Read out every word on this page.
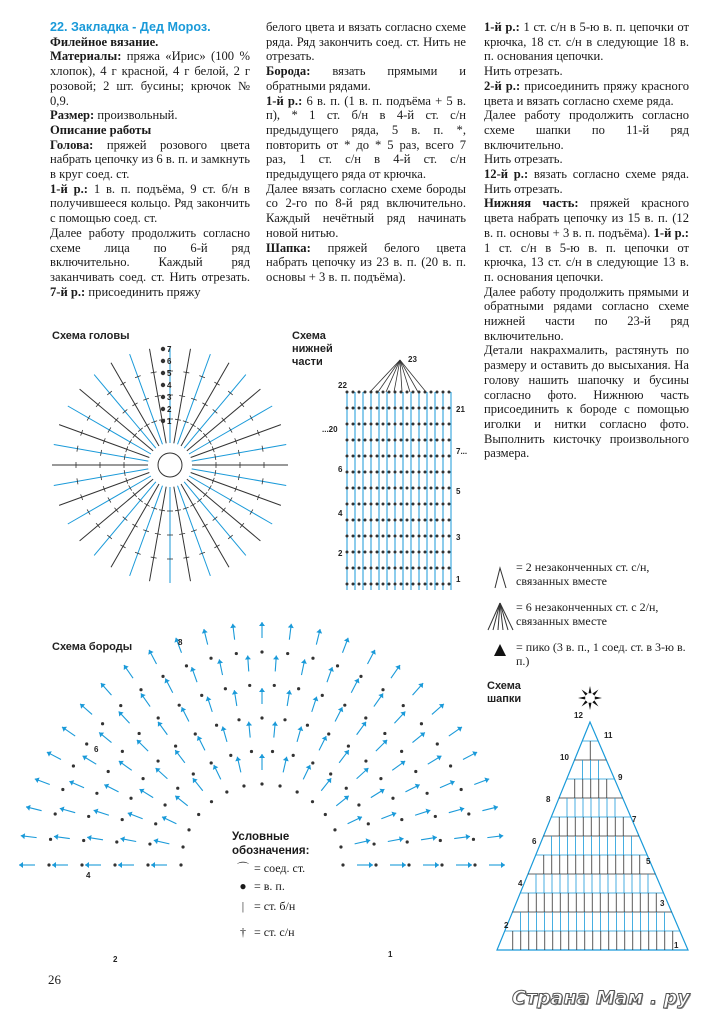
22. Закладка - Дед Мороз.

Филейное вязание.

Материалы: пряжа «Ирис» (100 % хлопок), 4 г красной, 4 г белой, 2 г розовой; 2 шт. бусины; крючок № 0,9.

Размер: произвольный.

Описание работы

Голова: пряжей розового цвета набрать цепочку из 6 в. п. и замкнуть в круг соед. ст.

1-й р.: 1 в. п. подъёма, 9 ст. б/н в получившееся кольцо. Ряд закончить с помощью соед. ст.

Далее работу продолжить согласно схеме лица по 6-й ряд включительно. Каждый ряд заканчивать соед. ст. Нить отрезать. 7-й р.: присоединить пряжу

белого цвета и вязать согласно схеме ряда. Ряд закончить соед. ст. Нить не отрезать.

Борода: вязать прямыми и обратными рядами.

1-й р.: 6 в. п. (1 в. п. подъёма + 5 в. п), * 1 ст. б/н в 4-й ст. с/н предыдущего ряда, 5 в. п. *, повторить от * до * 5 раз, всего 7 раз, 1 ст. с/н в 4-й ст. с/н предыдущего ряда от крючка.

Далее вязать согласно схеме бороды со 2-го по 8-й ряд включительно. Каждый нечётный ряд начинать новой нитью.

Шапка: пряжей белого цвета набрать цепочку из 23 в. п. (20 в. п. основы + 3 в. п. подъёма).

1-й р.: 1 ст. с/н в 5-ю в. п. цепочки от крючка, 18 ст. с/н в следующие 18 в. п. основания цепочки.

Нить отрезать.

2-й р.: присоединить пряжу красного цвета и вязать согласно схеме ряда.

Далее работу продолжить согласно схеме шапки по 11-й ряд включительно.

Нить отрезать.

12-й р.: вязать согласно схеме ряда. Нить отрезать.

Нижняя часть: пряжей красного цвета набрать цепочку из 15 в. п. (12 в. п. основы + 3 в. п. подъёма). 1-й р.: 1 ст. с/н в 5-ю в. п. цепочки от крючка, 13 ст. с/н в следующие 13 в. п. основания цепочки.

Далее работу продолжить прямыми и обратными рядами согласно схеме нижней части по 23-й ряд включительно.

Детали накрахмалить, растянуть по размеру и оставить до высыхания. На голову нашить шапочку и бусины согласно фото. Нижнюю часть присоединить к бороде с помощью иголки и нитки согласно фото. Выполнить кисточку произвольного размера.

Схема головы	Схема нижней части
Схема бороды
Схема шапки
7
6
5
4
3
2
1
22
...20
6
4
2
23
21
7...
5
3
1
8
6
4
2
1
12
10
8
6
4
2
11
9
7
5
3
1
Условные обозначения:
⌒ = соед. ст.
● = в. п.
| = ст. б/н
† = ст. с/н
= 2 незаконченных ст. с/н, связанных вместе
= 6 незаконченных ст. с 2/н, связанных вместе
= пико (3 в. п., 1 соед. ст. в 3-ю в. п.)
26
Страна Мам . ру
